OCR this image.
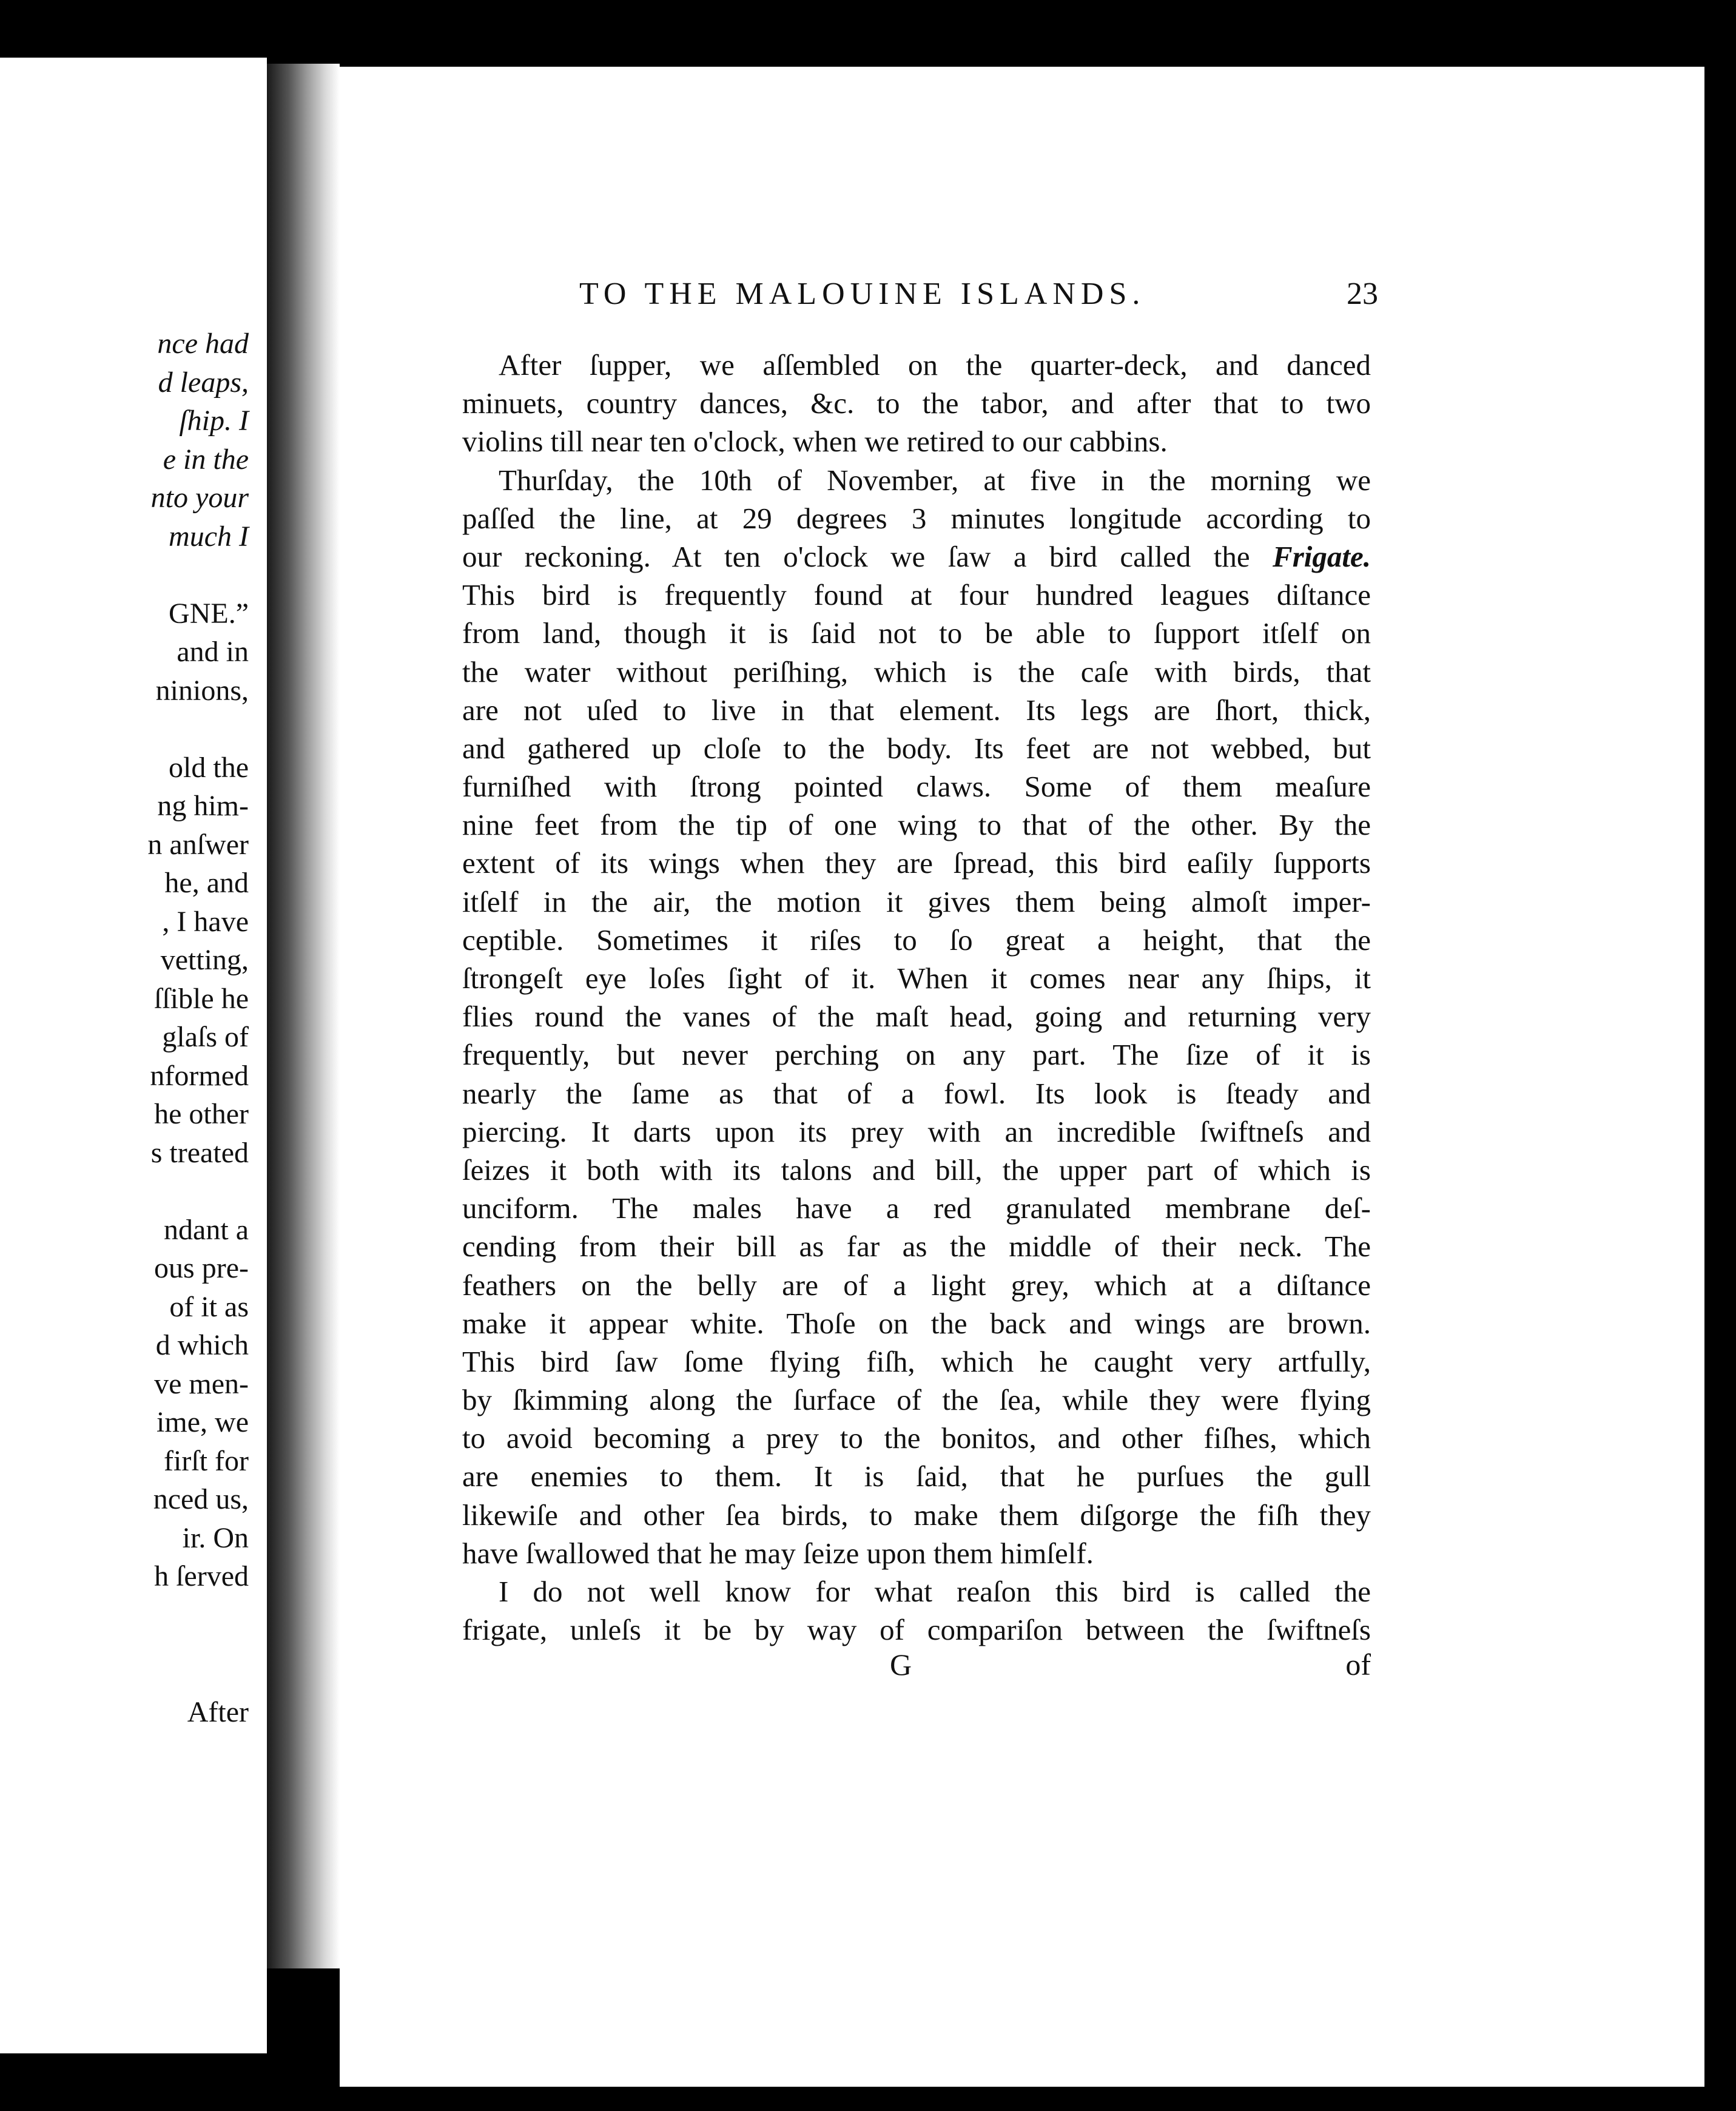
nce had
d leaps,
ſhip. I
e in the
nto your
much I
GNE.”
and in
ninions,
old the
ng him-
n anſwer
he, and
, I have
vetting,
ſſible he
glaſs of
nformed
he other
s treated
ndant a
ous pre-
of it as
d which
ve men-
ime, we
firſt for
nced us,
ir. On
h ſerved
After
TO THE MALOUINE ISLANDS.	23
After ſupper, we aſſembled on the quarter-deck, and danced
minuets, country dances, &c. to the tabor, and after that to two
violins till near ten o'clock, when we retired to our cabbins.
Thurſday, the 10th of November, at five in the morning we
paſſed the line, at 29 degrees 3 minutes longitude according to
our reckoning. At ten o'clock we ſaw a bird called the Frigate.
This bird is frequently found at four hundred leagues diſtance
from land, though it is ſaid not to be able to ſupport itſelf on
the water without periſhing, which is the caſe with birds, that
are not uſed to live in that element. Its legs are ſhort, thick,
and gathered up cloſe to the body. Its feet are not webbed, but
furniſhed with ſtrong pointed claws. Some of them meaſure
nine feet from the tip of one wing to that of the other. By the
extent of its wings when they are ſpread, this bird eaſily ſupports
itſelf in the air, the motion it gives them being almoſt imper-
ceptible. Sometimes it riſes to ſo great a height, that the
ſtrongeſt eye loſes ſight of it. When it comes near any ſhips, it
flies round the vanes of the maſt head, going and returning very
frequently, but never perching on any part. The ſize of it is
nearly the ſame as that of a fowl. Its look is ſteady and
piercing. It darts upon its prey with an incredible ſwiftneſs and
ſeizes it both with its talons and bill, the upper part of which is
unciform. The males have a red granulated membrane deſ-
cending from their bill as far as the middle of their neck. The
feathers on the belly are of a light grey, which at a diſtance
make it appear white. Thoſe on the back and wings are brown.
This bird ſaw ſome flying fiſh, which he caught very artfully,
by ſkimming along the ſurface of the ſea, while they were flying
to avoid becoming a prey to the bonitos, and other fiſhes, which
are enemies to them. It is ſaid, that he purſues the gull
likewiſe and other ſea birds, to make them diſgorge the fiſh they
have ſwallowed that he may ſeize upon them himſelf.
I do not well know for what reaſon this bird is called the
frigate, unleſs it be by way of compariſon between the ſwiftneſs
G	of
